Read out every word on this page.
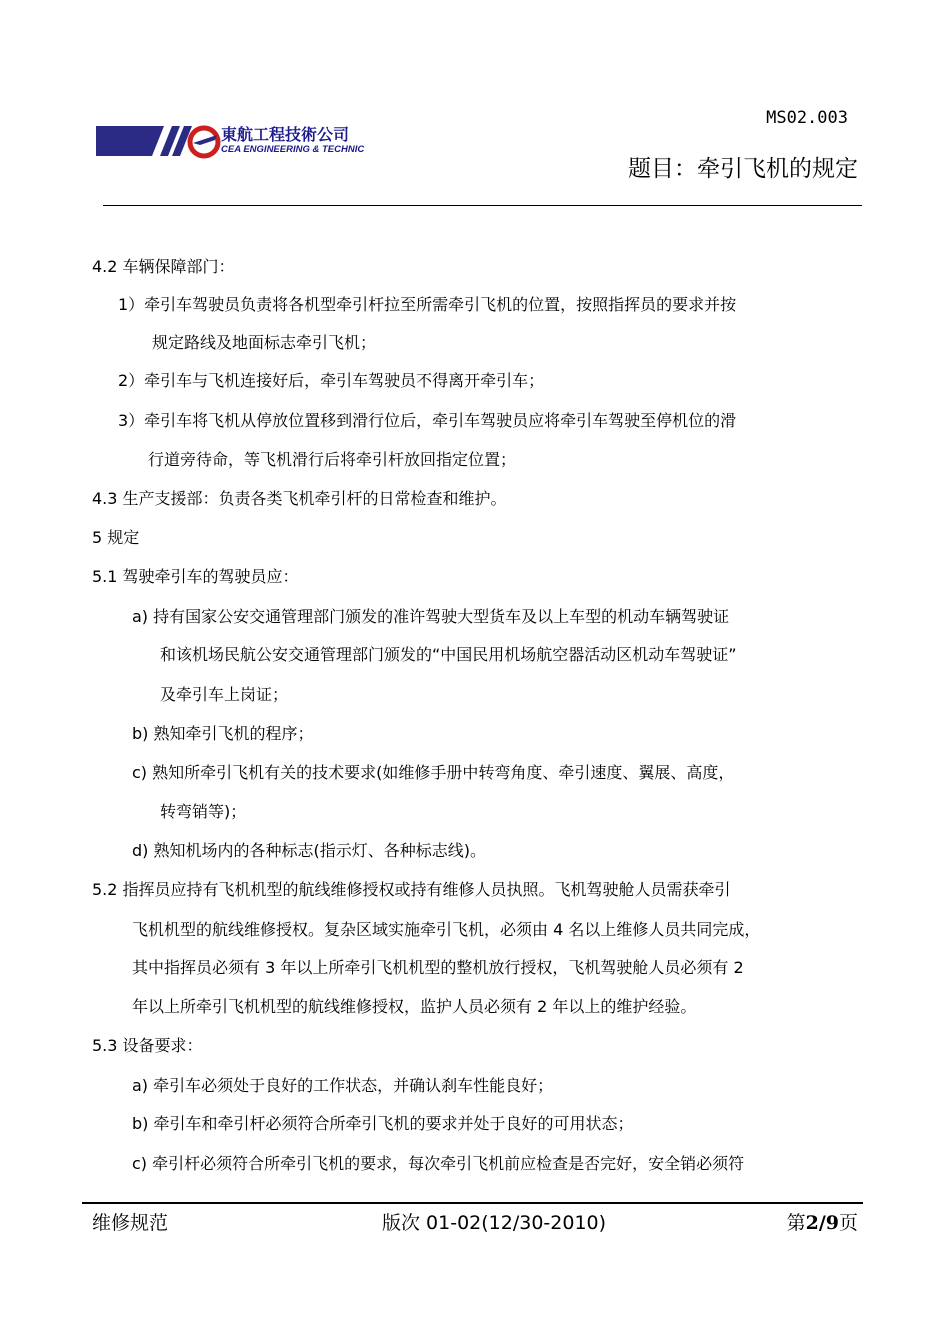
MS02.003
東航工程技術公司
CEA ENGINEERING & TECHNIC
题目：牵引飞机的规定
4.2 车辆保障部门：
1）牵引车驾驶员负责将各机型牵引杆拉至所需牵引飞机的位置，按照指挥员的要求并按
规定路线及地面标志牵引飞机；
2）牵引车与飞机连接好后，牵引车驾驶员不得离开牵引车；
3）牵引车将飞机从停放位置移到滑行位后，牵引车驾驶员应将牵引车驾驶至停机位的滑
行道旁待命，等飞机滑行后将牵引杆放回指定位置；
4.3 生产支援部：负责各类飞机牵引杆的日常检查和维护。
5 规定
5.1 驾驶牵引车的驾驶员应：
a) 持有国家公安交通管理部门颁发的准许驾驶大型货车及以上车型的机动车辆驾驶证
和该机场民航公安交通管理部门颁发的“中国民用机场航空器活动区机动车驾驶证”
及牵引车上岗证；
b) 熟知牵引飞机的程序；
c) 熟知所牵引飞机有关的技术要求(如维修手册中转弯角度、牵引速度、翼展、高度，
转弯销等)；
d) 熟知机场内的各种标志(指示灯、各种标志线)。
5.2 指挥员应持有飞机机型的航线维修授权或持有维修人员执照。飞机驾驶舱人员需获牵引
飞机机型的航线维修授权。复杂区域实施牵引飞机，必须由 4 名以上维修人员共同完成，
其中指挥员必须有 3 年以上所牵引飞机机型的整机放行授权，飞机驾驶舱人员必须有 2
年以上所牵引飞机机型的航线维修授权，监护人员必须有 2 年以上的维护经验。
5.3 设备要求：
a) 牵引车必须处于良好的工作状态，并确认刹车性能良好；
b) 牵引车和牵引杆必须符合所牵引飞机的要求并处于良好的可用状态；
c) 牵引杆必须符合所牵引飞机的要求，每次牵引飞机前应检查是否完好，安全销必须符
维修规范	版次 01-02(12/30-2010)	第2/9页
